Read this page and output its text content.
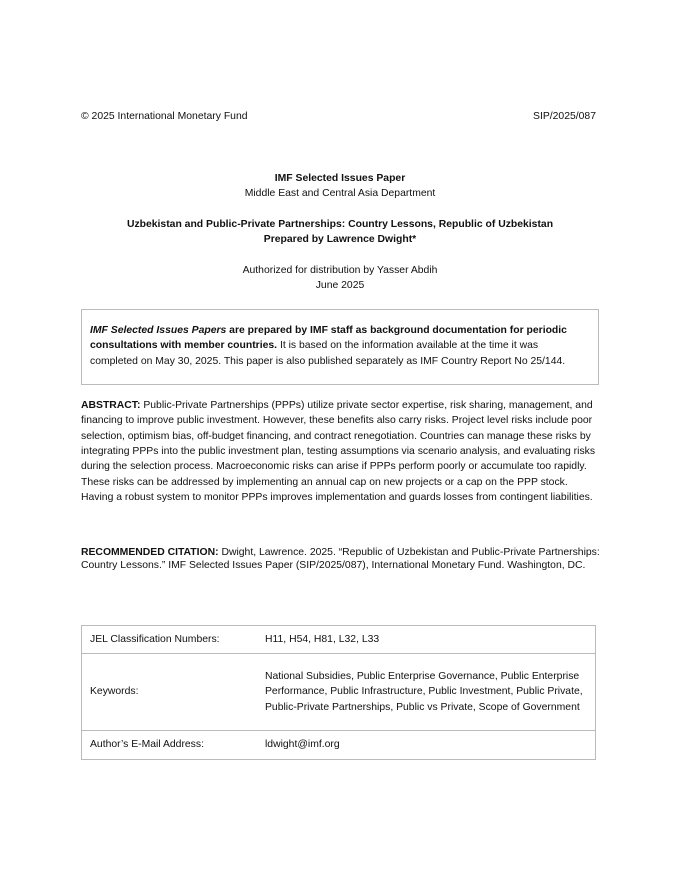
© 2025 International Monetary Fund	SIP/2025/087
IMF Selected Issues Paper
Middle East and Central Asia Department
Uzbekistan and Public-Private Partnerships: Country Lessons, Republic of Uzbekistan
Prepared by Lawrence Dwight*
Authorized for distribution by Yasser Abdih
June 2025

IMF Selected Issues Papers are prepared by IMF staff as background documentation for periodic consultations with member countries. It is based on the information available at the time it was completed on May 30, 2025. This paper is also published separately as IMF Country Report No 25/144.

ABSTRACT: Public-Private Partnerships (PPPs) utilize private sector expertise, risk sharing, management, and financing to improve public investment. However, these benefits also carry risks. Project level risks include poor selection, optimism bias, off-budget financing, and contract renegotiation. Countries can manage these risks by integrating PPPs into the public investment plan, testing assumptions via scenario analysis, and evaluating risks during the selection process. Macroeconomic risks can arise if PPPs perform poorly or accumulate too rapidly. These risks can be addressed by implementing an annual cap on new projects or a cap on the PPP stock. Having a robust system to monitor PPPs improves implementation and guards losses from contingent liabilities.

RECOMMENDED CITATION: Dwight, Lawrence. 2025. “Republic of Uzbekistan and Public-Private Partnerships: Country Lessons.” IMF Selected Issues Paper (SIP/2025/087), International Monetary Fund. Washington, DC.

JEL Classification Numbers:	H11, H54, H81, L32, L33
Keywords:	National Subsidies, Public Enterprise Governance, Public Enterprise Performance, Public Infrastructure, Public Investment, Public Private, Public-Private Partnerships, Public vs Private, Scope of Government
Author’s E-Mail Address:	ldwight@imf.org
